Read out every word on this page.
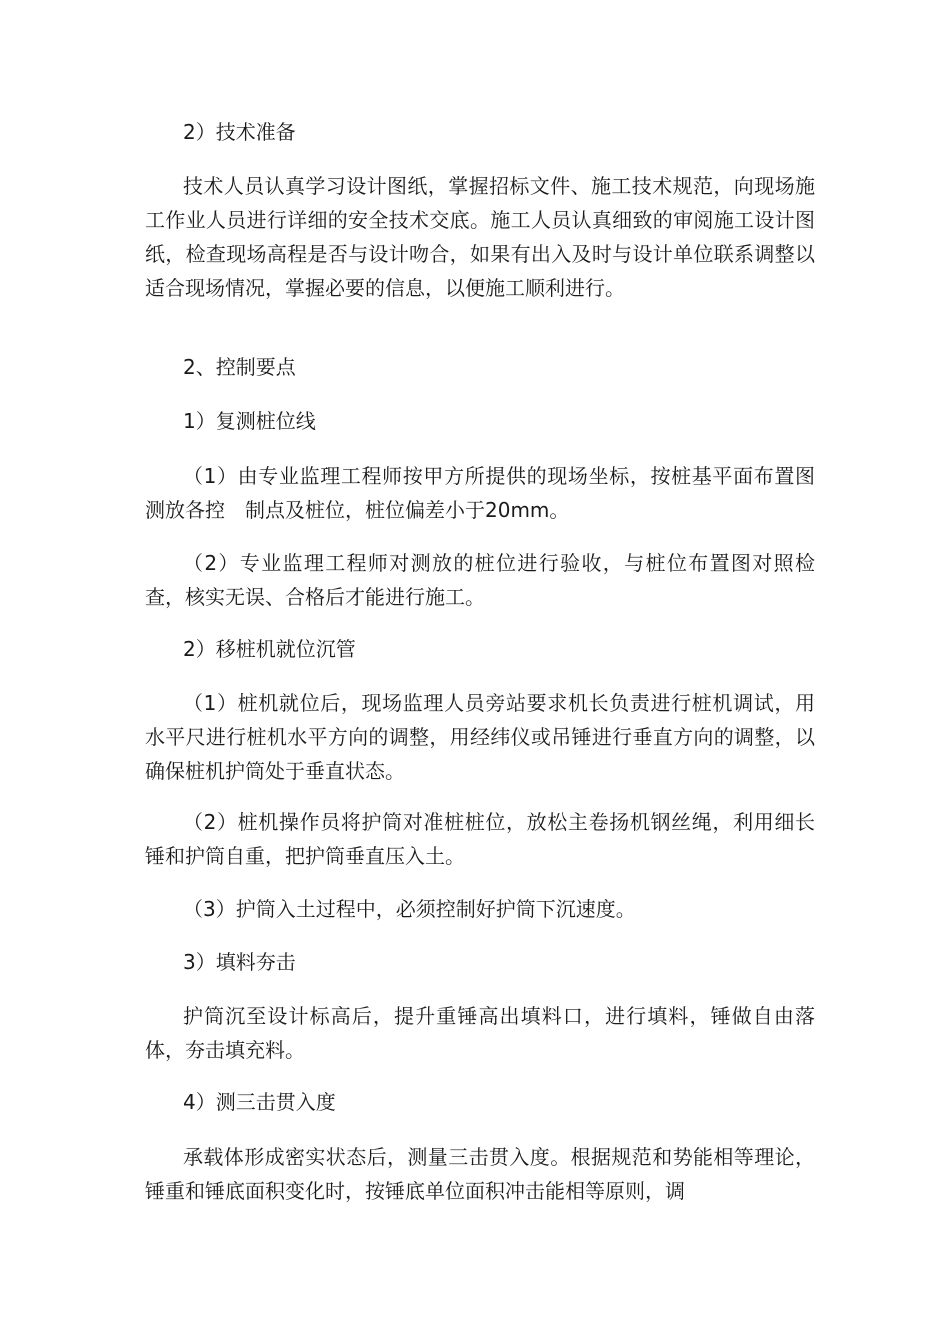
2）技术准备

技术人员认真学习设计图纸，掌握招标文件、施工技术规范，向现场施工作业人员进行详细的安全技术交底。施工人员认真细致的审阅施工设计图纸，检查现场高程是否与设计吻合，如果有出入及时与设计单位联系调整以适合现场情况，掌握必要的信息，以便施工顺利进行。

2、控制要点

1）复测桩位线

（1）由专业监理工程师按甲方所提供的现场坐标，按桩基平面布置图测放各控　制点及桩位，桩位偏差小于20mm。

（2）专业监理工程师对测放的桩位进行验收，与桩位布置图对照检查，核实无误、合格后才能进行施工。

2）移桩机就位沉管

（1）桩机就位后，现场监理人员旁站要求机长负责进行桩机调试，用水平尺进行桩机水平方向的调整，用经纬仪或吊锤进行垂直方向的调整，以确保桩机护筒处于垂直状态。

（2）桩机操作员将护筒对准桩桩位，放松主卷扬机钢丝绳，利用细长锤和护筒自重，把护筒垂直压入土。

（3）护筒入土过程中，必须控制好护筒下沉速度。

3）填料夯击

护筒沉至设计标高后，提升重锤高出填料口，进行填料，锤做自由落体，夯击填充料。

4）测三击贯入度

承载体形成密实状态后，测量三击贯入度。根据规范和势能相等理论，锤重和锤底面积变化时，按锤底单位面积冲击能相等原则，调
